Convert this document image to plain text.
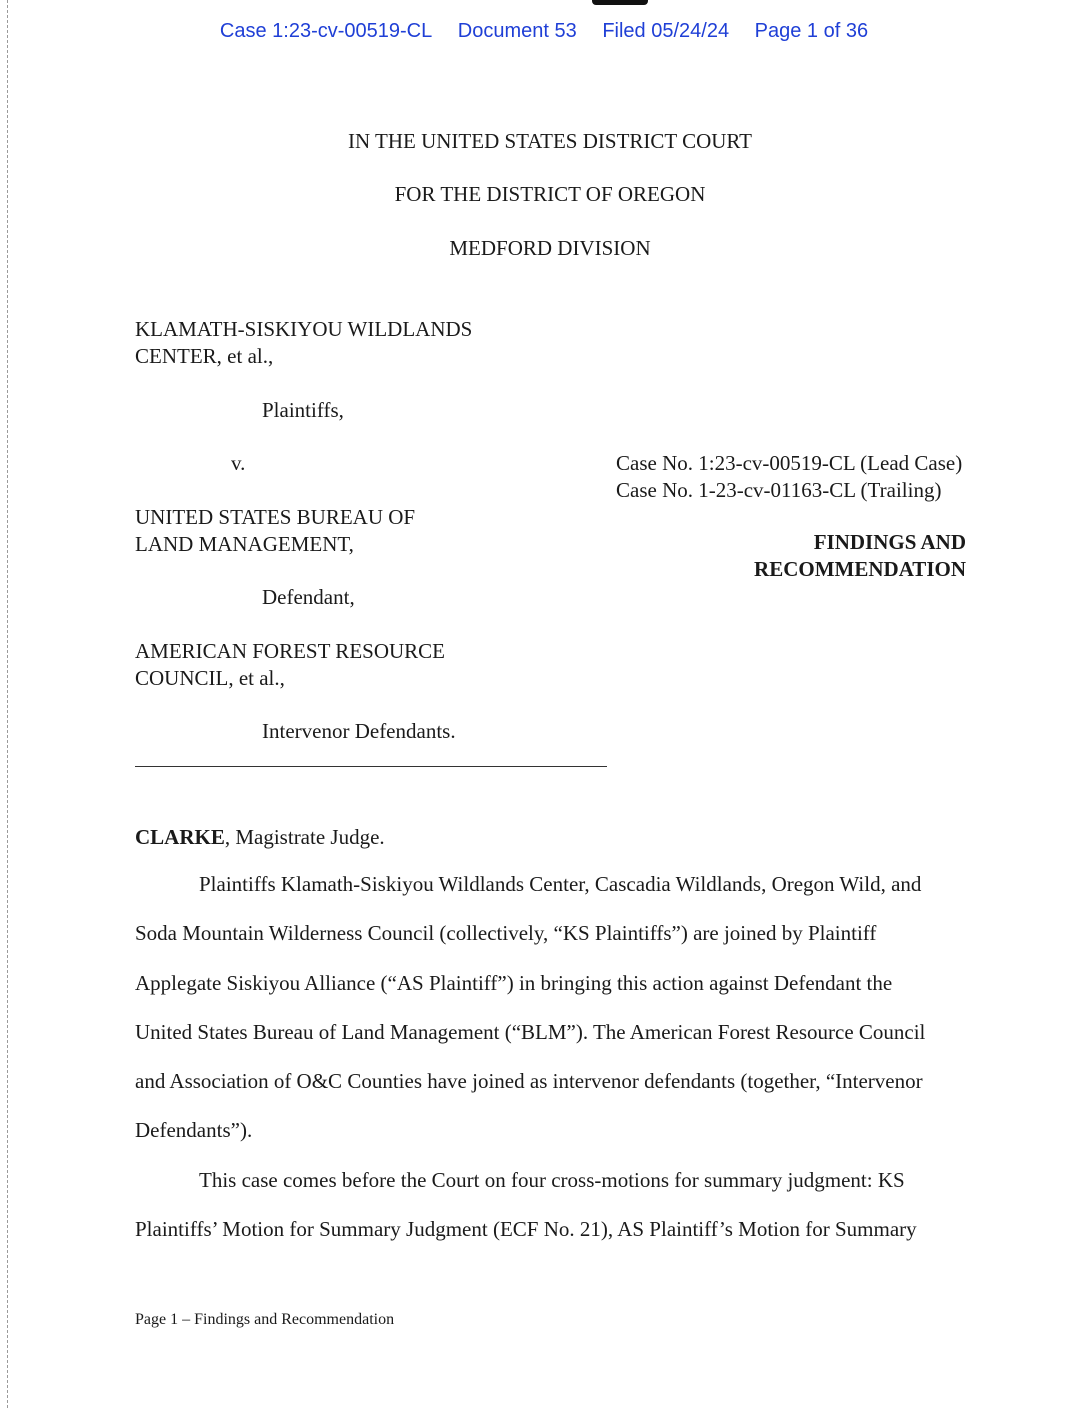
Case 1:23-cv-00519-CL Document 53 Filed 05/24/24 Page 1 of 36
IN THE UNITED STATES DISTRICT COURT
FOR THE DISTRICT OF OREGON
MEDFORD DIVISION
KLAMATH-SISKIYOU WILDLANDS
CENTER, et al.,
Plaintiffs,
v.	Case No. 1:23-cv-00519-CL (Lead Case)
Case No. 1-23-cv-01163-CL (Trailing)
UNITED STATES BUREAU OF
LAND MANAGEMENT,	FINDINGS AND
RECOMMENDATION
Defendant,
AMERICAN FOREST RESOURCE
COUNCIL, et al.,
Intervenor Defendants.
CLARKE, Magistrate Judge.

Plaintiffs Klamath-Siskiyou Wildlands Center, Cascadia Wildlands, Oregon Wild, and Soda Mountain Wilderness Council (collectively, “KS Plaintiffs”) are joined by Plaintiff Applegate Siskiyou Alliance (“AS Plaintiff”) in bringing this action against Defendant the United States Bureau of Land Management (“BLM”). The American Forest Resource Council and Association of O&C Counties have joined as intervenor defendants (together, “Intervenor Defendants”).

This case comes before the Court on four cross-motions for summary judgment: KS Plaintiffs’ Motion for Summary Judgment (ECF No. 21), AS Plaintiff’s Motion for Summary

Page 1 – Findings and Recommendation
